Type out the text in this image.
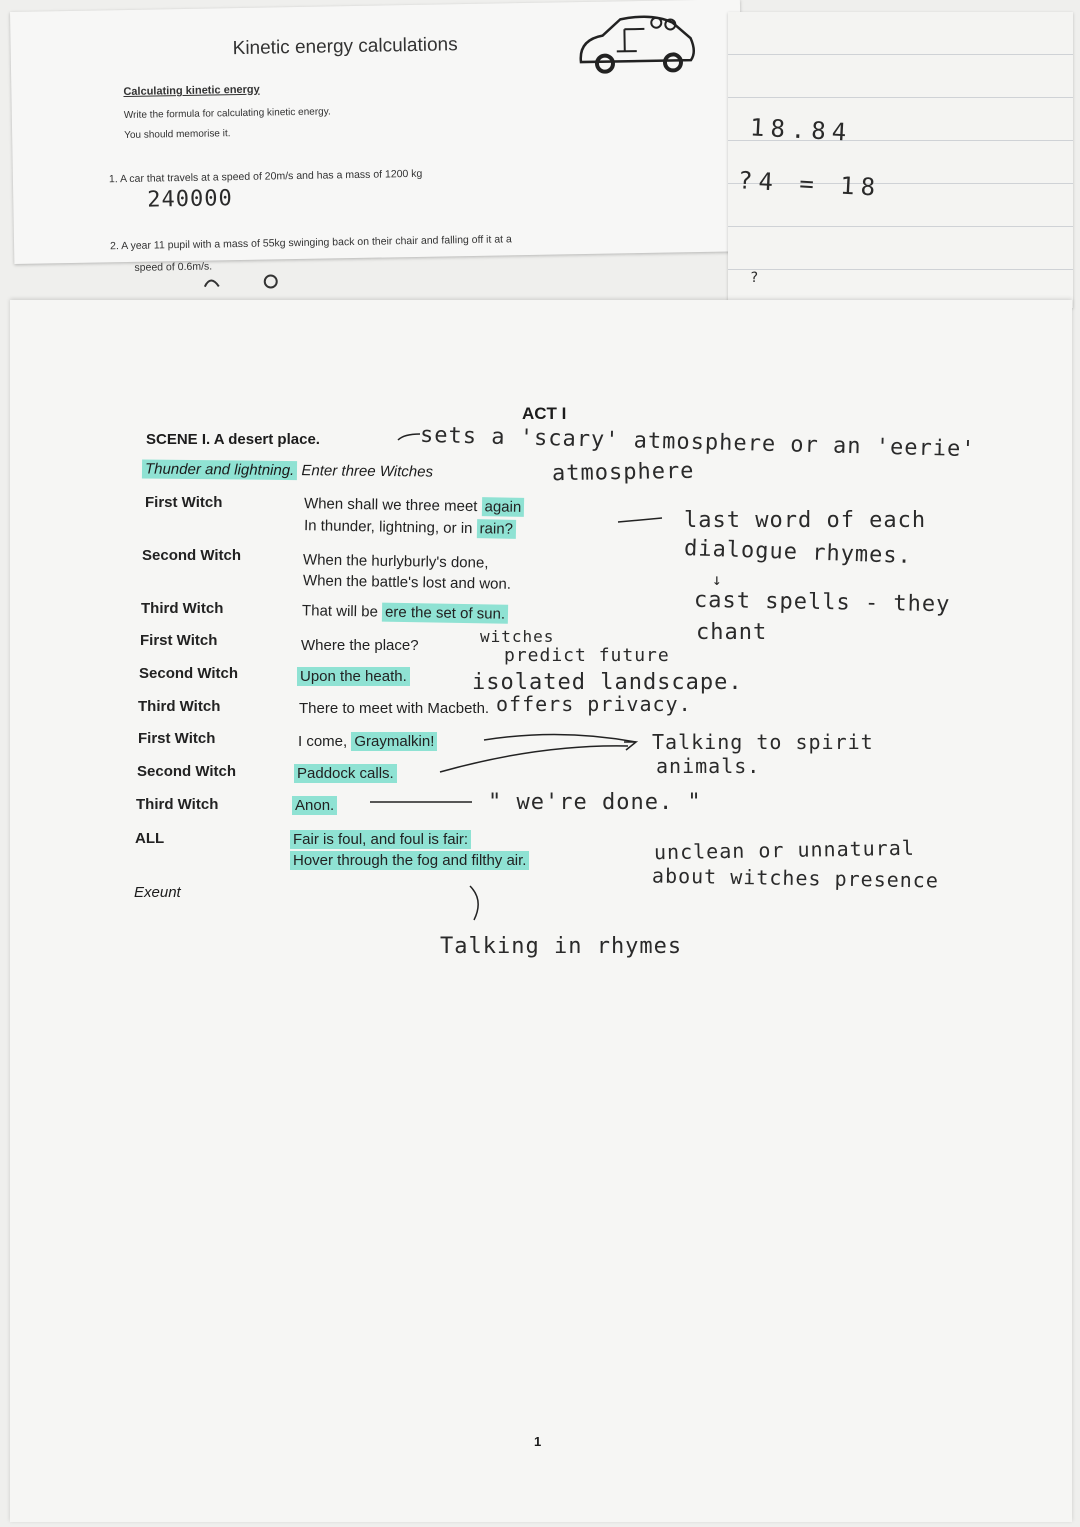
Kinetic energy calculations
Calculating kinetic energy
Write the formula for calculating kinetic energy.
You should memorise it.
1. A car that travels at a speed of 20m/s and has a mass of 1200 kg
240000
2. A year 11 pupil with a mass of 55kg swinging back on their chair and falling off it at a
speed of 0.6m/s.
18.84
?4 = 18
?
ACT I
SCENE I. A desert place.
Thunder and lightning. Enter three Witches
First Witch
Second Witch
Third Witch
First Witch
Second Witch
Third Witch
First Witch
Second Witch
Third Witch
ALL
Exeunt
When shall we three meet again
In thunder, lightning, or in rain?
When the hurlyburly's done,
When the battle's lost and won.
That will be ere the set of sun.
Where the place?
Upon the heath.
There to meet with Macbeth.
I come, Graymalkin!
Paddock calls.
Anon.
Fair is foul, and foul is fair:
Hover through the fog and filthy air.
1
sets a 'scary' atmosphere or an 'eerie'
atmosphere
last word of each
dialogue rhymes.
↓
cast spells - they
chant
witches
predict future
isolated landscape.
offers privacy.
Talking to spirit
animals.
" we're done. "
unclean or unnatural
about witches presence
Talking in rhymes
